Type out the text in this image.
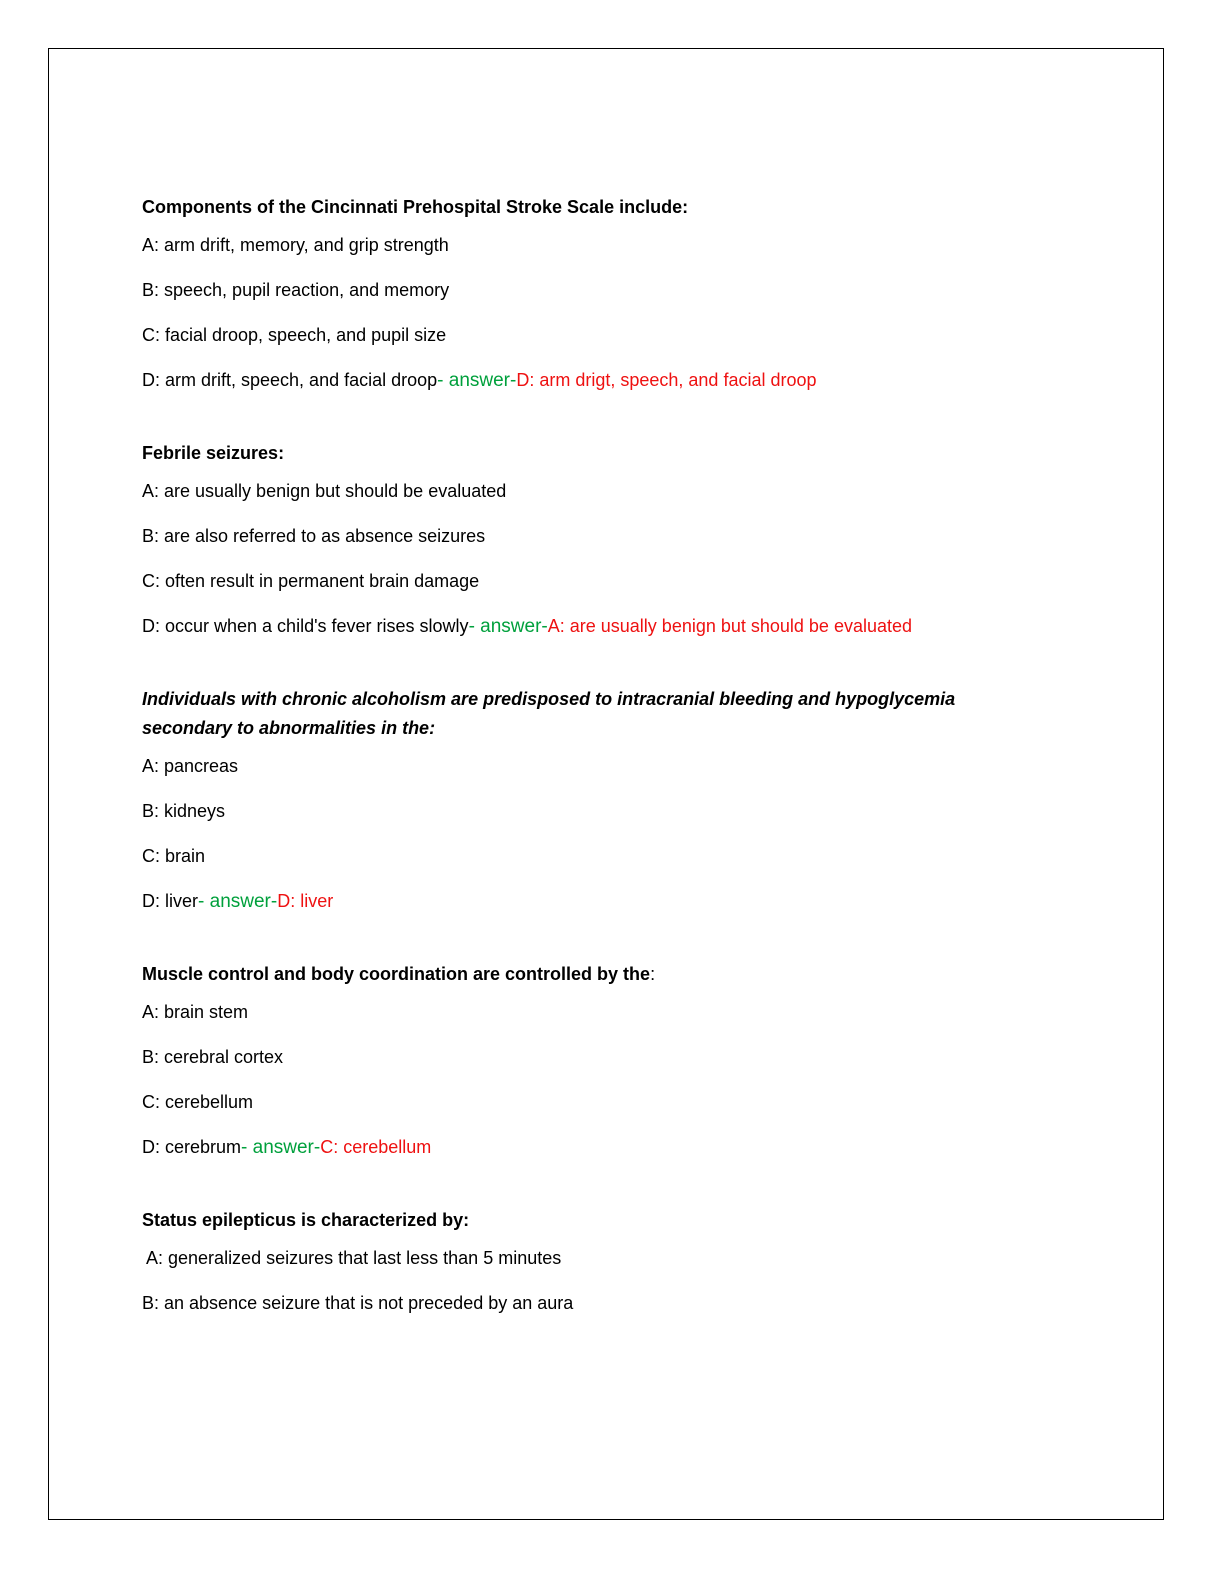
Components of the Cincinnati Prehospital Stroke Scale include:
A: arm drift, memory, and grip strength
B: speech, pupil reaction, and memory
C: facial droop, speech, and pupil size
D: arm drift, speech, and facial droop- answer-D: arm drigt, speech, and facial droop
Febrile seizures:
A: are usually benign but should be evaluated
B: are also referred to as absence seizures
C: often result in permanent brain damage
D: occur when a child's fever rises slowly- answer-A: are usually benign but should be evaluated
Individuals with chronic alcoholism are predisposed to intracranial bleeding and hypoglycemia secondary to abnormalities in the:
A: pancreas
B: kidneys
C: brain
D: liver- answer-D: liver
Muscle control and body coordination are controlled by the:
A: brain stem
B: cerebral cortex
C: cerebellum
D: cerebrum- answer-C: cerebellum
Status epilepticus is characterized by:
A: generalized seizures that last less than 5 minutes
B: an absence seizure that is not preceded by an aura
